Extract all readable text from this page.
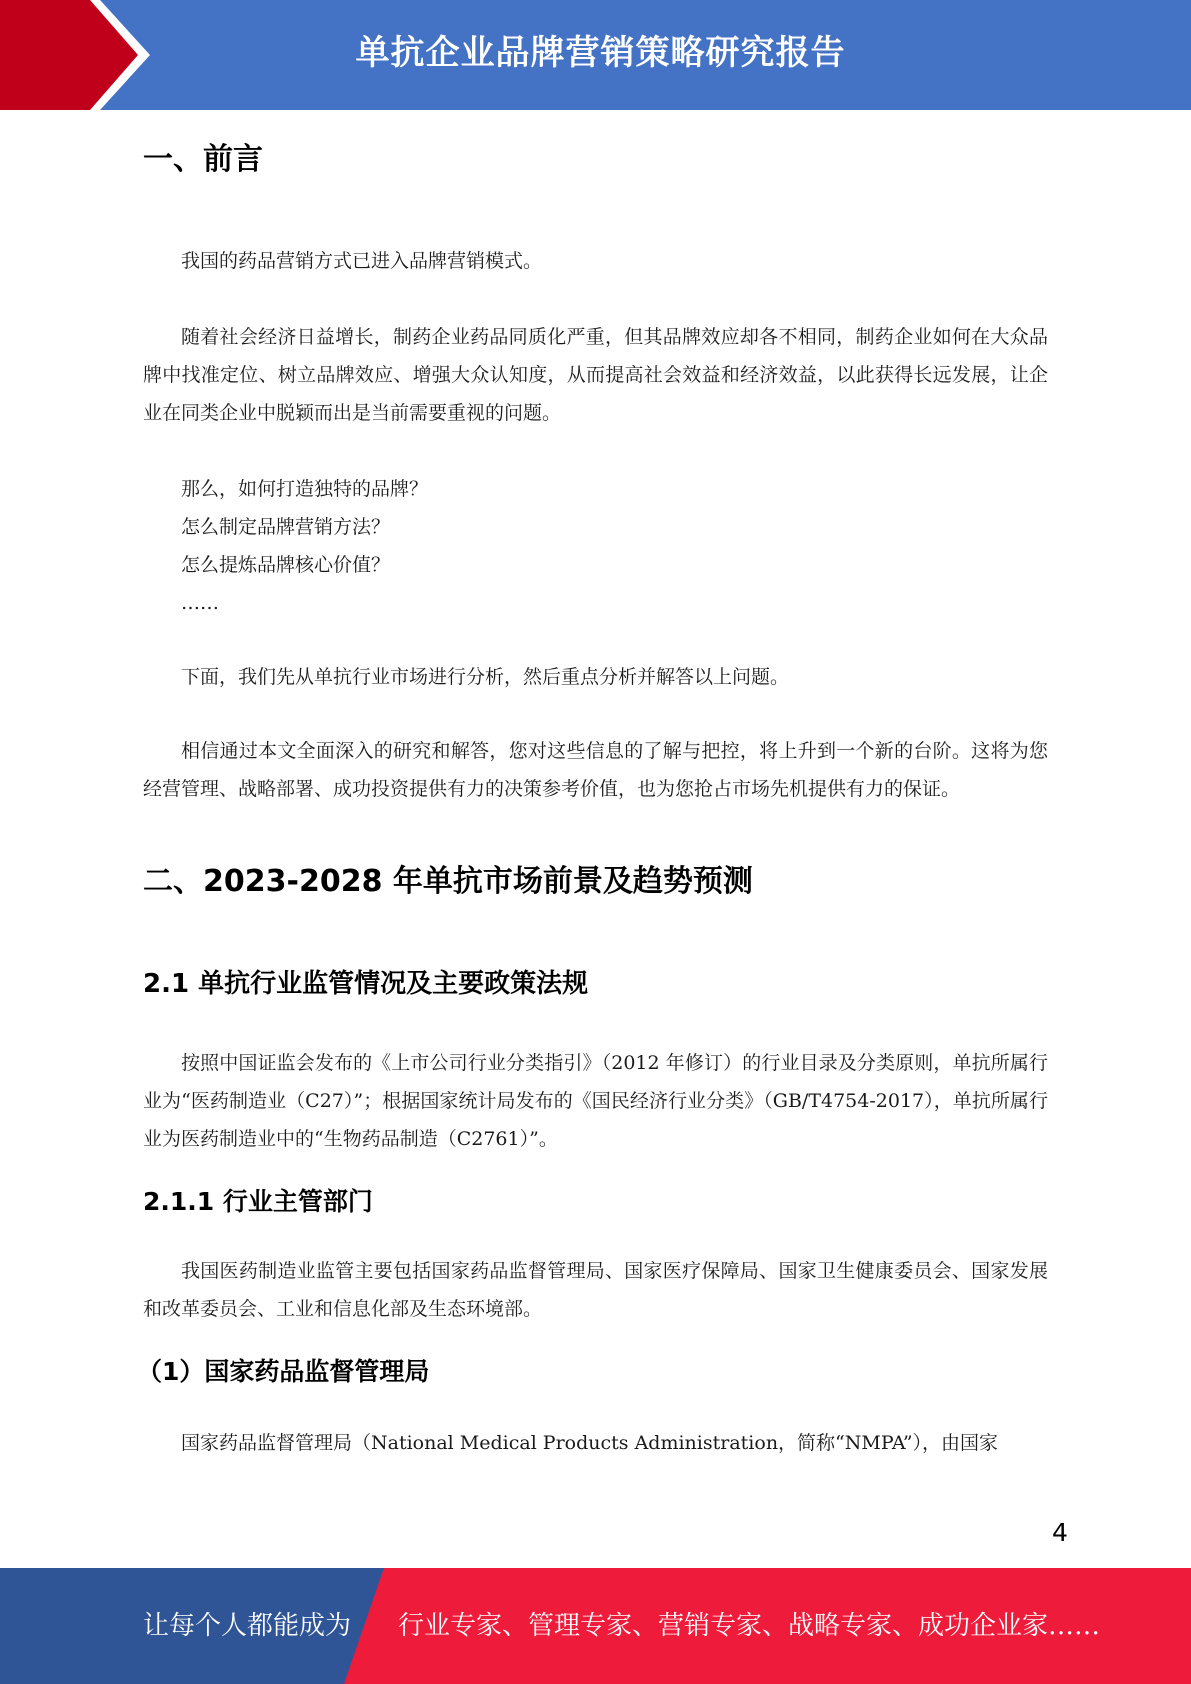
单抗企业品牌营销策略研究报告
一、前言

我国的药品营销方式已进入品牌营销模式。

随着社会经济日益增长，制药企业药品同质化严重，但其品牌效应却各不相同，制药企业如何在大众品牌中找准定位、树立品牌效应、增强大众认知度，从而提高社会效益和经济效益，以此获得长远发展，让企业在同类企业中脱颖而出是当前需要重视的问题。

那么，如何打造独特的品牌？

怎么制定品牌营销方法？

怎么提炼品牌核心价值？

……

下面，我们先从单抗行业市场进行分析，然后重点分析并解答以上问题。

相信通过本文全面深入的研究和解答，您对这些信息的了解与把控，将上升到一个新的台阶。这将为您经营管理、战略部署、成功投资提供有力的决策参考价值，也为您抢占市场先机提供有力的保证。

二、2023-2028 年单抗市场前景及趋势预测
2.1 单抗行业监管情况及主要政策法规

按照中国证监会发布的《上市公司行业分类指引》（2012 年修订）的行业目录及分类原则，单抗所属行业为“医药制造业（C27）”；根据国家统计局发布的《国民经济行业分类》（GB/T4754-2017），单抗所属行业为医药制造业中的“生物药品制造（C2761）”。

2.1.1 行业主管部门

我国医药制造业监管主要包括国家药品监督管理局、国家医疗保障局、国家卫生健康委员会、国家发展和改革委员会、工业和信息化部及生态环境部。

（1）国家药品监督管理局

国家药品监督管理局（National Medical Products Administration，简称“NMPA”），由国家

4
让每个人都能成为 行业专家、管理专家、营销专家、战略专家、成功企业家……
